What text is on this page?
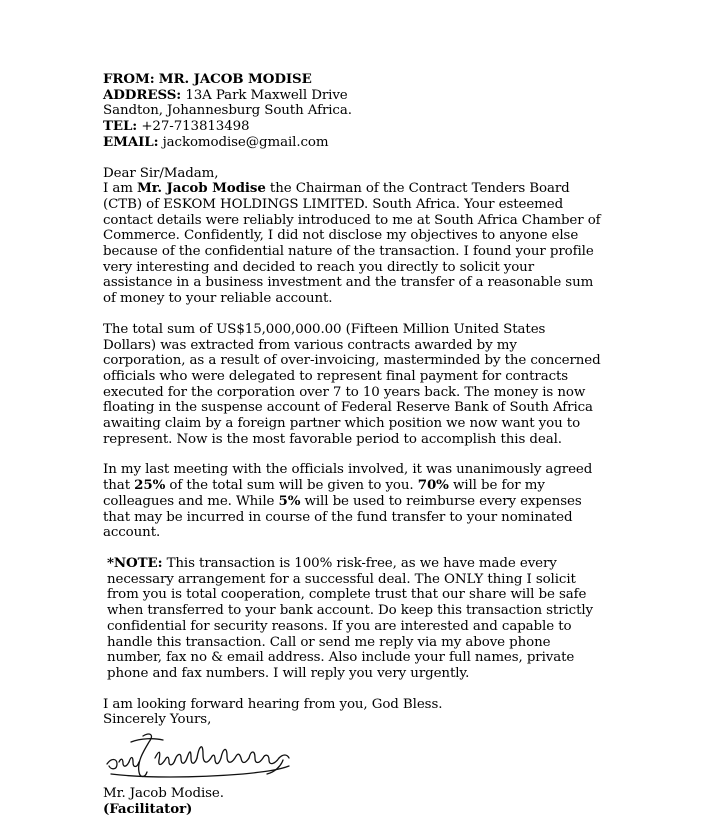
FROM: MR. JACOB MODISE

ADDRESS: 13A Park Maxwell Drive

Sandton, Johannesburg South Africa.

TEL: +27-713813498

EMAIL: jackomodise@gmail.com

Dear Sir/Madam,

I am Mr. Jacob Modise the Chairman of the Contract Tenders Board (CTB) of ESKOM HOLDINGS LIMITED. South Africa. Your esteemed contact details were reliably introduced to me at South Africa Chamber of Commerce. Confidently, I did not disclose my objectives to anyone else because of the confidential nature of the transaction. I found your profile very interesting and decided to reach you directly to solicit your assistance in a business investment and the transfer of a reasonable sum of money to your reliable account.

The total sum of US$15,000,000.00 (Fifteen Million United States Dollars) was extracted from various contracts awarded by my corporation, as a result of over-invoicing, masterminded by the concerned officials who were delegated to represent final payment for contracts executed for the corporation over 7 to 10 years back. The money is now floating in the suspense account of Federal Reserve Bank of South Africa awaiting claim by a foreign partner which position we now want you to represent. Now is the most favorable period to accomplish this deal.

In my last meeting with the officials involved, it was unanimously agreed that 25% of the total sum will be given to you. 70% will be for my colleagues and me. While 5% will be used to reimburse every expenses that may be incurred in course of the fund transfer to your nominated account.

*NOTE: This transaction is 100% risk-free, as we have made every necessary arrangement for a successful deal. The ONLY thing I solicit from you is total cooperation, complete trust that our share will be safe when transferred to your bank account. Do keep this transaction strictly confidential for security reasons. If you are interested and capable to handle this transaction. Call or send me reply via my above phone number, fax no & email address. Also include your full names, private phone and fax numbers. I will reply you very urgently.

I am looking forward hearing from you, God Bless.

Sincerely Yours,

Mr. Jacob Modise.

(Facilitator)
